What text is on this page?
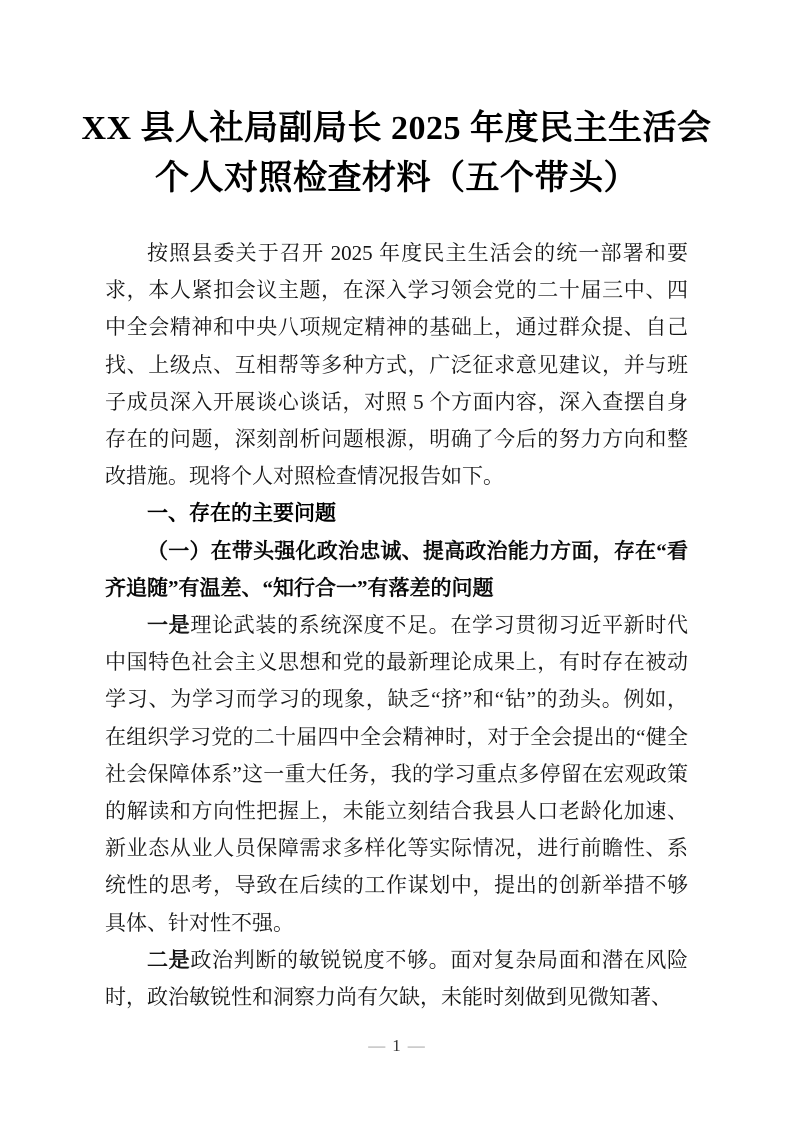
XX 县人社局副局长 2025 年度民主生活会
个人对照检查材料（五个带头）

按照县委关于召开 2025 年度民主生活会的统一部署和要求，本人紧扣会议主题，在深入学习领会党的二十届三中、四中全会精神和中央八项规定精神的基础上，通过群众提、自己找、上级点、互相帮等多种方式，广泛征求意见建议，并与班子成员深入开展谈心谈话，对照 5 个方面内容，深入查摆自身存在的问题，深刻剖析问题根源，明确了今后的努力方向和整改措施。现将个人对照检查情况报告如下。

一、存在的主要问题
（一）在带头强化政治忠诚、提高政治能力方面，存在“看齐追随”有温差、“知行合一”有落差的问题

一是理论武装的系统深度不足。在学习贯彻习近平新时代中国特色社会主义思想和党的最新理论成果上，有时存在被动学习、为学习而学习的现象，缺乏“挤”和“钻”的劲头。例如，在组织学习党的二十届四中全会精神时，对于全会提出的“健全社会保障体系”这一重大任务，我的学习重点多停留在宏观政策的解读和方向性把握上，未能立刻结合我县人口老龄化加速、新业态从业人员保障需求多样化等实际情况，进行前瞻性、系统性的思考，导致在后续的工作谋划中，提出的创新举措不够具体、针对性不强。

二是政治判断的敏锐锐度不够。面对复杂局面和潜在风险时，政治敏锐性和洞察力尚有欠缺，未能时刻做到见微知著、

— 1 —
